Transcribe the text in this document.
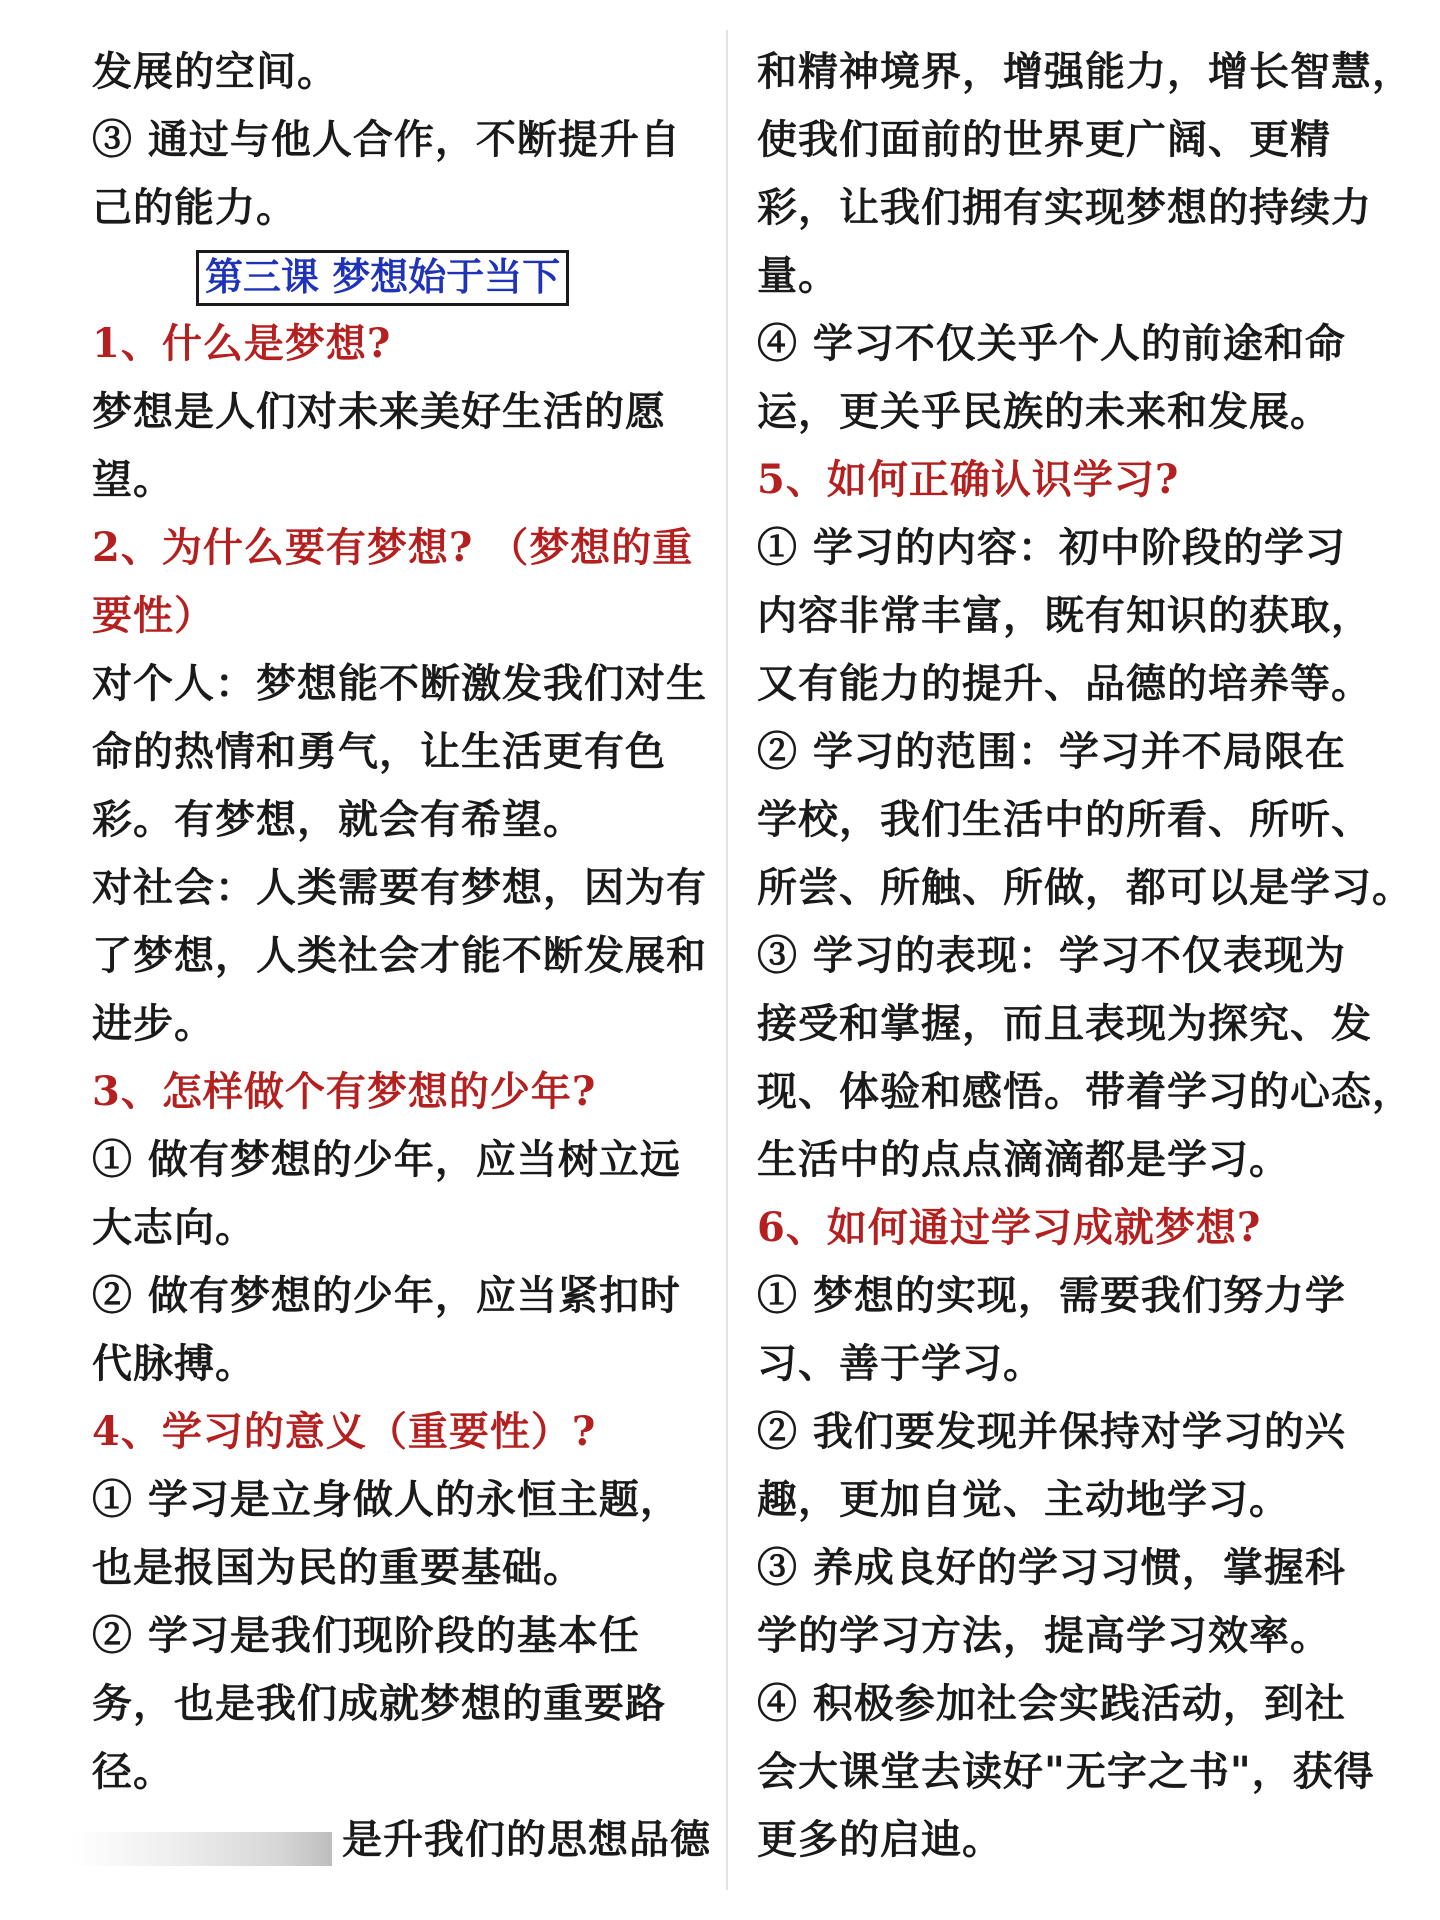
发展的空间。
③ 通过与他人合作，不断提升自
己的能力。
第三课 梦想始于当下
1、什么是梦想?
梦想是人们对未来美好生活的愿
望。
2、为什么要有梦想? （梦想的重
要性）
对个人：梦想能不断激发我们对生
命的热情和勇气，让生活更有色
彩。有梦想，就会有希望。
对社会：人类需要有梦想，因为有
了梦想，人类社会才能不断发展和
进步。
3、怎样做个有梦想的少年?
① 做有梦想的少年，应当树立远
大志向。
② 做有梦想的少年，应当紧扣时
代脉搏。
4、学习的意义（重要性）?
① 学习是立身做人的永恒主题，
也是报国为民的重要基础。
② 学习是我们现阶段的基本任
务，也是我们成就梦想的重要路
径。
是升我们的思想品德
和精神境界，增强能力，增长智慧，
使我们面前的世界更广阔、更精
彩，让我们拥有实现梦想的持续力
量。
④ 学习不仅关乎个人的前途和命
运，更关乎民族的未来和发展。
5、如何正确认识学习?
① 学习的内容：初中阶段的学习
内容非常丰富，既有知识的获取，
又有能力的提升、品德的培养等。
② 学习的范围：学习并不局限在
学校，我们生活中的所看、所听、
所尝、所触、所做，都可以是学习。
③ 学习的表现：学习不仅表现为
接受和掌握，而且表现为探究、发
现、体验和感悟。带着学习的心态，
生活中的点点滴滴都是学习。
6、如何通过学习成就梦想?
① 梦想的实现，需要我们努力学
习、善于学习。
② 我们要发现并保持对学习的兴
趣，更加自觉、主动地学习。
③ 养成良好的学习习惯，掌握科
学的学习方法，提高学习效率。
④ 积极参加社会实践活动，到社
会大课堂去读好"无字之书"，获得
更多的启迪。
